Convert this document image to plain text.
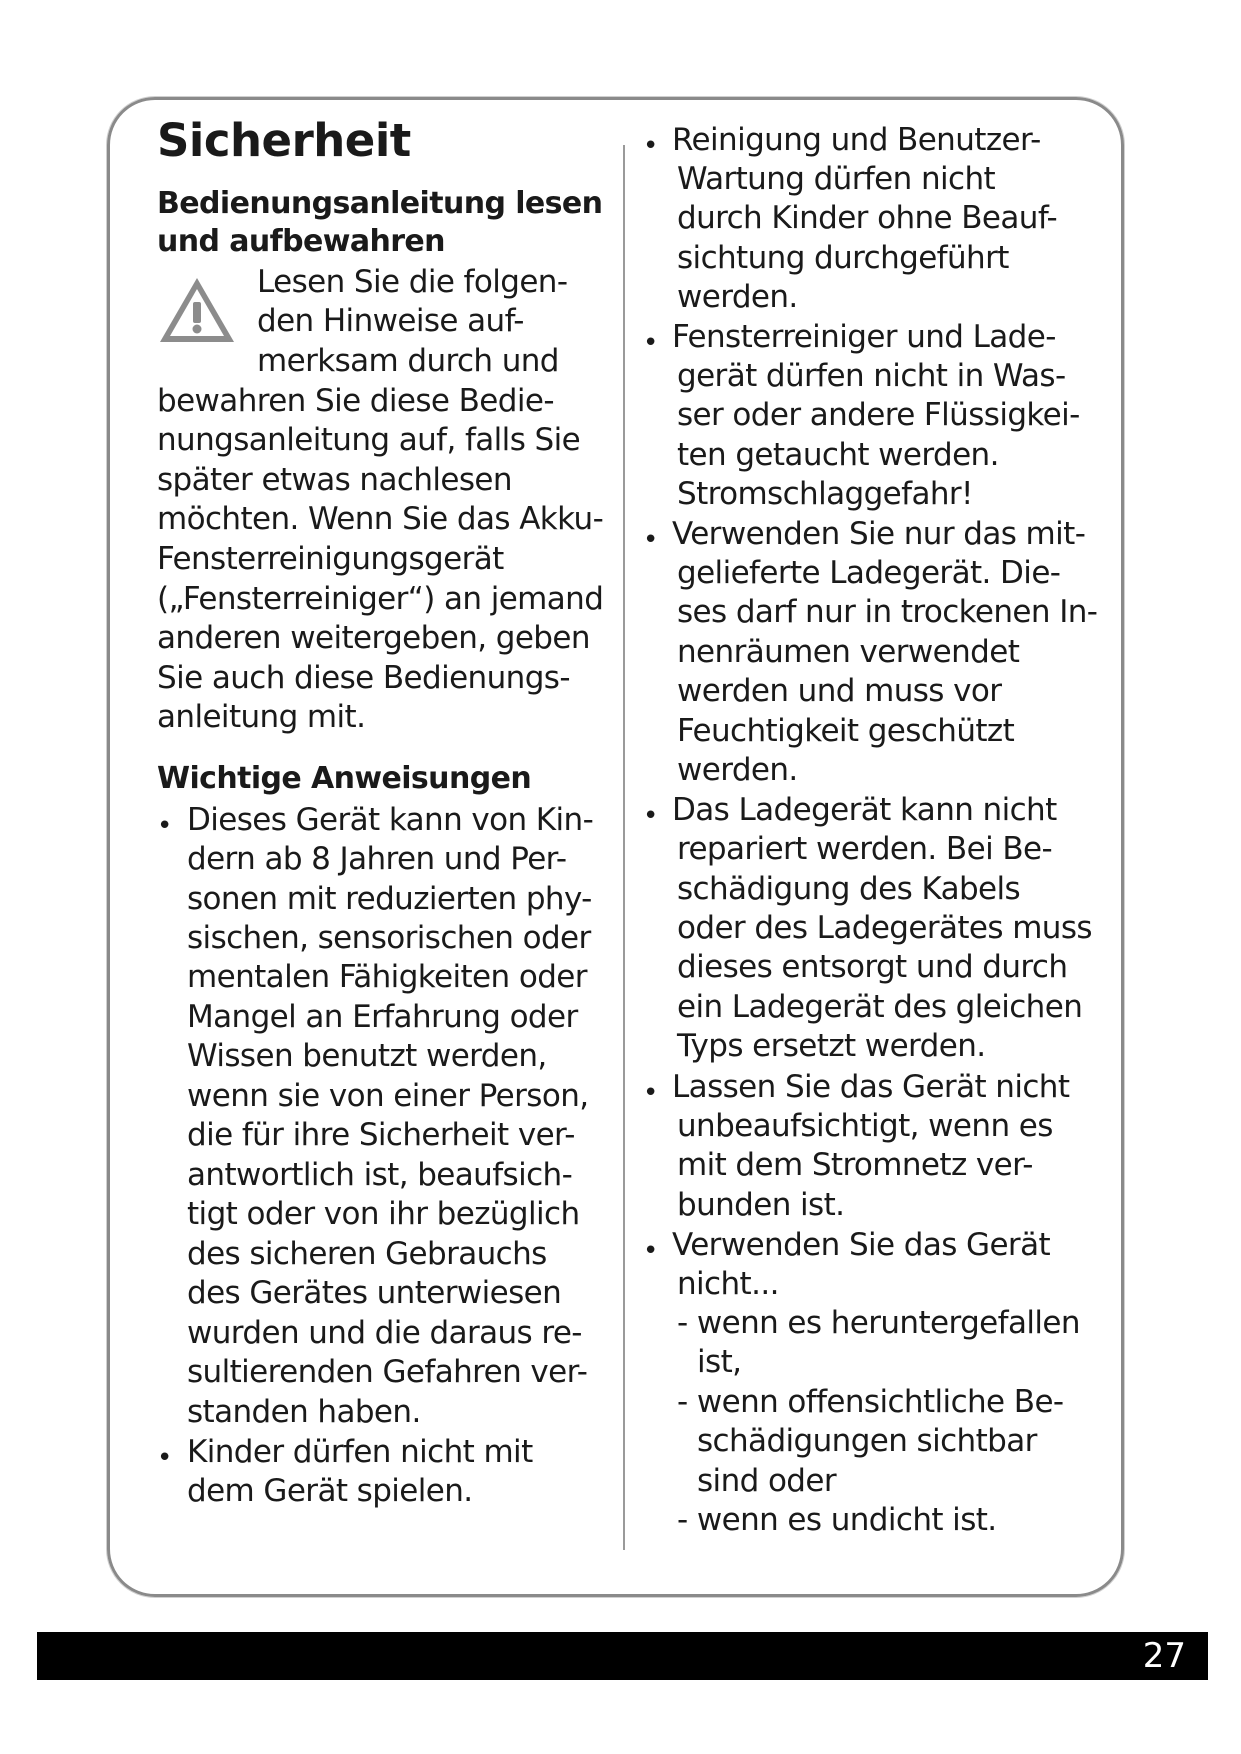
Sicherheit
Bedienungsanleitung lesen
und aufbewahren
Lesen Sie die folgen-
den Hinweise auf-
merksam durch und
bewahren Sie diese Bedie-
nungsanleitung auf, falls Sie
später etwas nachlesen
möchten. Wenn Sie das Akku-
Fensterreinigungsgerät
(„Fensterreiniger“) an jemand
anderen weitergeben, geben
Sie auch diese Bedienungs-
anleitung mit.
Wichtige Anweisungen
• Dieses Gerät kann von Kin-
dern ab 8 Jahren und Per-
sonen mit reduzierten phy-
sischen, sensorischen oder
mentalen Fähigkeiten oder
Mangel an Erfahrung oder
Wissen benutzt werden,
wenn sie von einer Person,
die für ihre Sicherheit ver-
antwortlich ist, beaufsich-
tigt oder von ihr bezüglich
des sicheren Gebrauchs
des Gerätes unterwiesen
wurden und die daraus re-
sultierenden Gefahren ver-
standen haben.
• Kinder dürfen nicht mit
dem Gerät spielen.
• Reinigung und Benutzer-
Wartung dürfen nicht
durch Kinder ohne Beauf-
sichtung durchgeführt
werden.
• Fensterreiniger und Lade-
gerät dürfen nicht in Was-
ser oder andere Flüssigkei-
ten getaucht werden.
Stromschlaggefahr!
• Verwenden Sie nur das mit-
gelieferte Ladegerät. Die-
ses darf nur in trockenen In-
nenräumen verwendet
werden und muss vor
Feuchtigkeit geschützt
werden.
• Das Ladegerät kann nicht
repariert werden. Bei Be-
schädigung des Kabels
oder des Ladegerätes muss
dieses entsorgt und durch
ein Ladegerät des gleichen
Typs ersetzt werden.
• Lassen Sie das Gerät nicht
unbeaufsichtigt, wenn es
mit dem Stromnetz ver-
bunden ist.
• Verwenden Sie das Gerät
nicht...
- wenn es heruntergefallen
ist,
- wenn offensichtliche Be-
schädigungen sichtbar
sind oder
- wenn es undicht ist.
27
